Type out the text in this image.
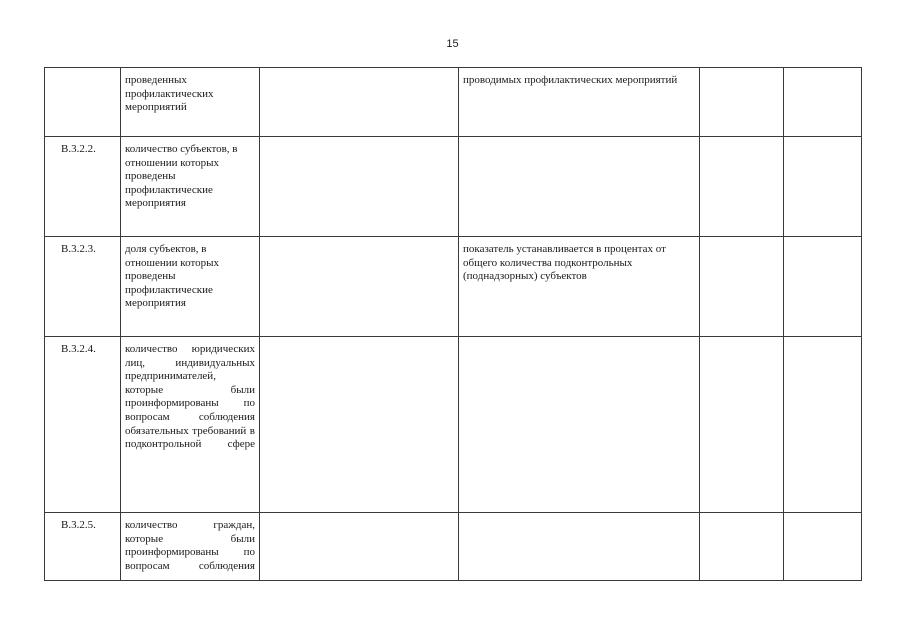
15
	проведенных профилактических мероприятий		проводимых профилактических мероприятий		
В.3.2.2.	количество субъектов, в отношении которых проведены профилактические мероприятия				
В.3.2.3.	доля субъектов, в отношении которых проведены профилактические мероприятия		показатель устанавливается в процентах от общего количества подконтрольных (поднадзорных) субъектов		
В.3.2.4.	количество юридических лиц, индивидуальных предпринимателей, которые были проинформированы по вопросам соблюдения обязательных требований в подконтрольной сфере				
В.3.2.5.	количество граждан, которые были проинформированы по вопросам соблюдения				
